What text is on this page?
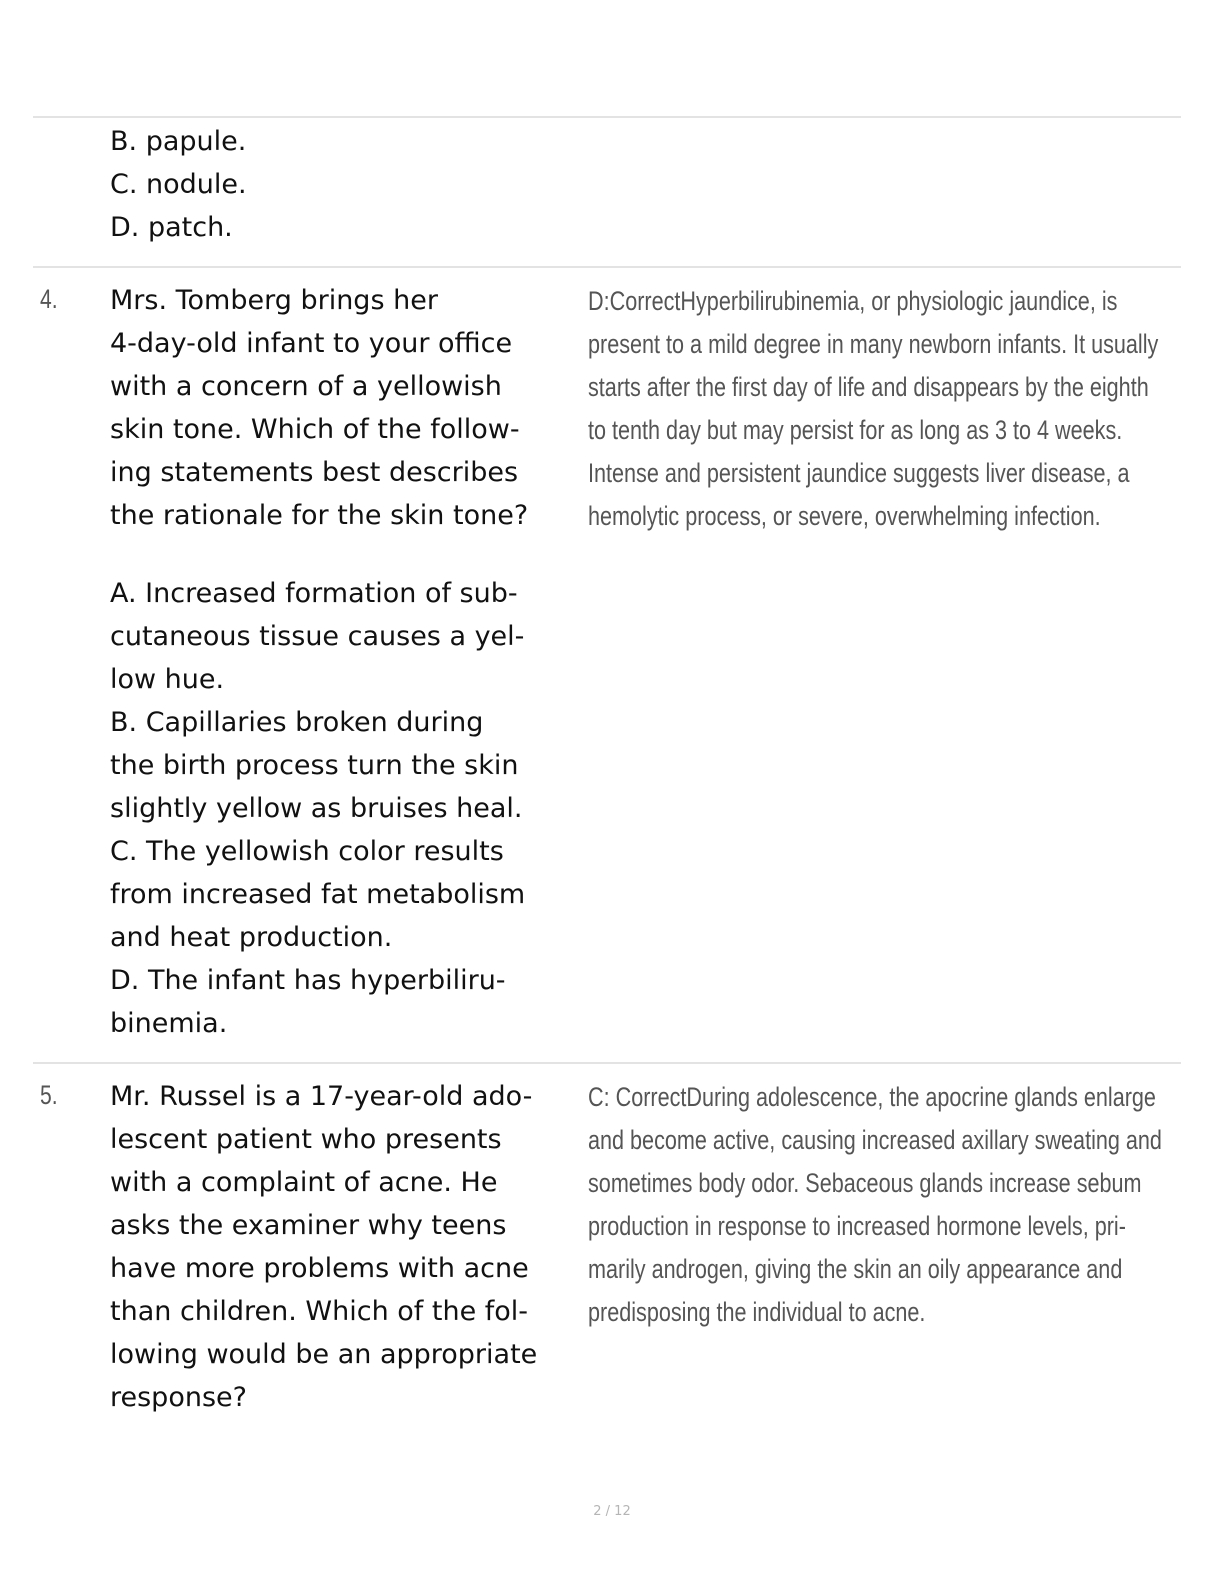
B. papule.
C. nodule.
D. patch.
4. Mrs. Tomberg brings her
4-day-old infant to your office
with a concern of a yellowish
skin tone. Which of the follow-
ing statements best describes
the rationale for the skin tone?
D:CorrectHyperbilirubinemia, or physiologic jaundice, is
present to a mild degree in many newborn infants. It usually
starts after the first day of life and disappears by the eighth
to tenth day but may persist for as long as 3 to 4 weeks.
Intense and persistent jaundice suggests liver disease, a
hemolytic process, or severe, overwhelming infection.
A. Increased formation of sub-
cutaneous tissue causes a yel-
low hue.
B. Capillaries broken during
the birth process turn the skin
slightly yellow as bruises heal.
C. The yellowish color results
from increased fat metabolism
and heat production.
D. The infant has hyperbiliru-
binemia.
5. Mr. Russel is a 17-year-old ado-
lescent patient who presents
with a complaint of acne. He
asks the examiner why teens
have more problems with acne
than children. Which of the fol-
lowing would be an appropriate
response?
C: CorrectDuring adolescence, the apocrine glands enlarge
and become active, causing increased axillary sweating and
sometimes body odor. Sebaceous glands increase sebum
production in response to increased hormone levels, pri-
marily androgen, giving the skin an oily appearance and
predisposing the individual to acne.
2 / 12
